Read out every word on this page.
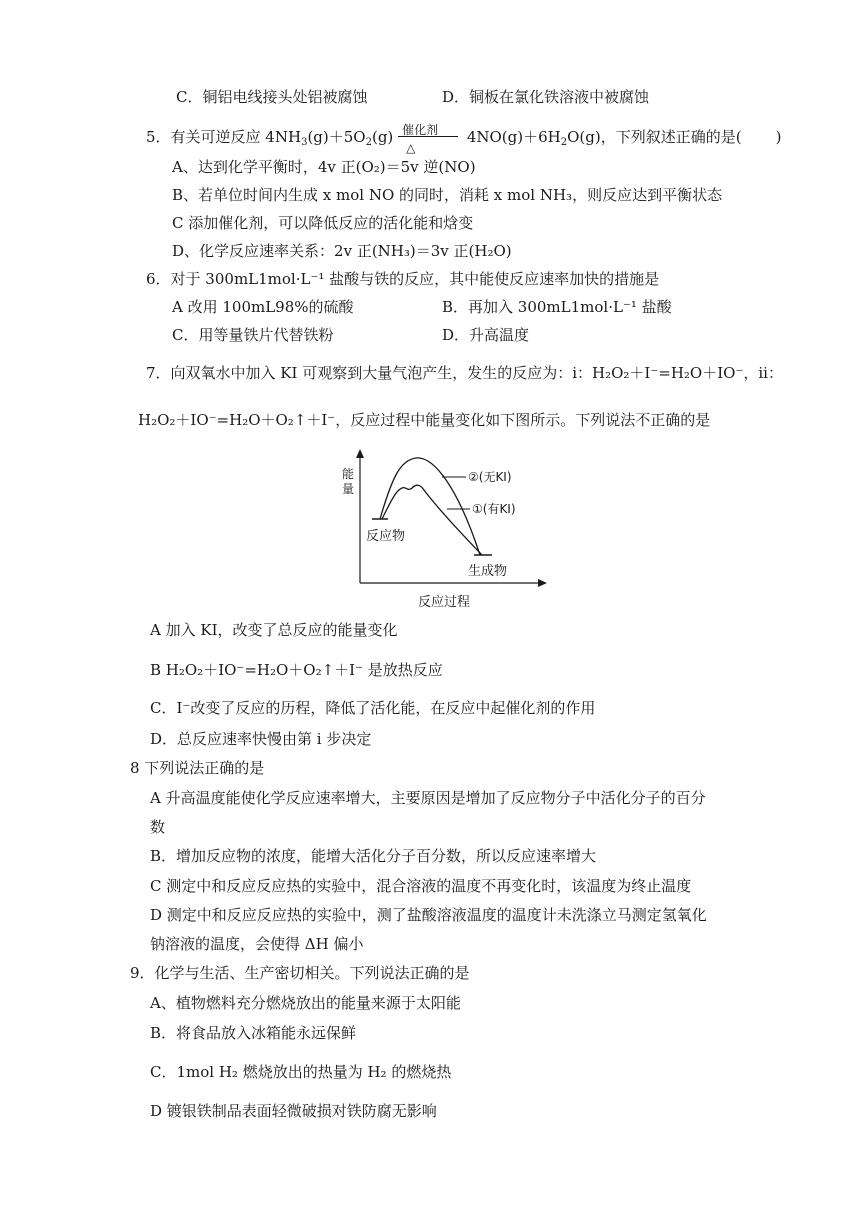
C．铜铝电线接头处铝被腐蚀	D．铜板在氯化铁溶液中被腐蚀
5．有关可逆反应 $4NH_3(g)+5O_2(g)$ 催化剂
△
$4NO(g)+6H_2O(g)$，下列叙述正确的是( )
A、达到化学平衡时，4v 正(O₂)＝5v 逆(NO)
B、若单位时间内生成 x mol NO 的同时，消耗 x mol NH₃，则反应达到平衡状态
C 添加催化剂，可以降低反应的活化能和焓变
D、化学反应速率关系：2v 正(NH₃)＝3v 正(H₂O)
6．对于 300mL1mol·L⁻¹ 盐酸与铁的反应，其中能使反应速率加快的措施是
A 改用 100mL98%的硫酸	B．再加入 300mL1mol·L⁻¹ 盐酸
C．用等量铁片代替铁粉	D．升高温度
7．向双氧水中加入 KI 可观察到大量气泡产生，发生的反应为：i：H₂O₂＋I⁻=H₂O＋IO⁻，ii：
H₂O₂＋IO⁻=H₂O＋O₂↑＋I⁻，反应过程中能量变化如下图所示。下列说法不正确的是
能
量
反应物
生成物
②(无KI)
①(有KI)
反应过程
A 加入 KI，改变了总反应的能量变化
B H₂O₂＋IO⁻=H₂O＋O₂↑＋I⁻ 是放热反应
C．I⁻改变了反应的历程，降低了活化能，在反应中起催化剂的作用
D．总反应速率快慢由第 i 步决定
8 下列说法正确的是
A 升高温度能使化学反应速率增大，主要原因是增加了反应物分子中活化分子的百分
数
B．增加反应物的浓度，能增大活化分子百分数，所以反应速率增大
C 测定中和反应反应热的实验中，混合溶液的温度不再变化时，该温度为终止温度
D 测定中和反应反应热的实验中，测了盐酸溶液温度的温度计未洗涤立马测定氢氧化
钠溶液的温度，会使得 ΔH 偏小
9．化学与生活、生产密切相关。下列说法正确的是
A、植物燃料充分燃烧放出的能量来源于太阳能
B．将食品放入冰箱能永远保鲜
C．1mol H₂ 燃烧放出的热量为 H₂ 的燃烧热
D 镀银铁制品表面轻微破损对铁防腐无影响
